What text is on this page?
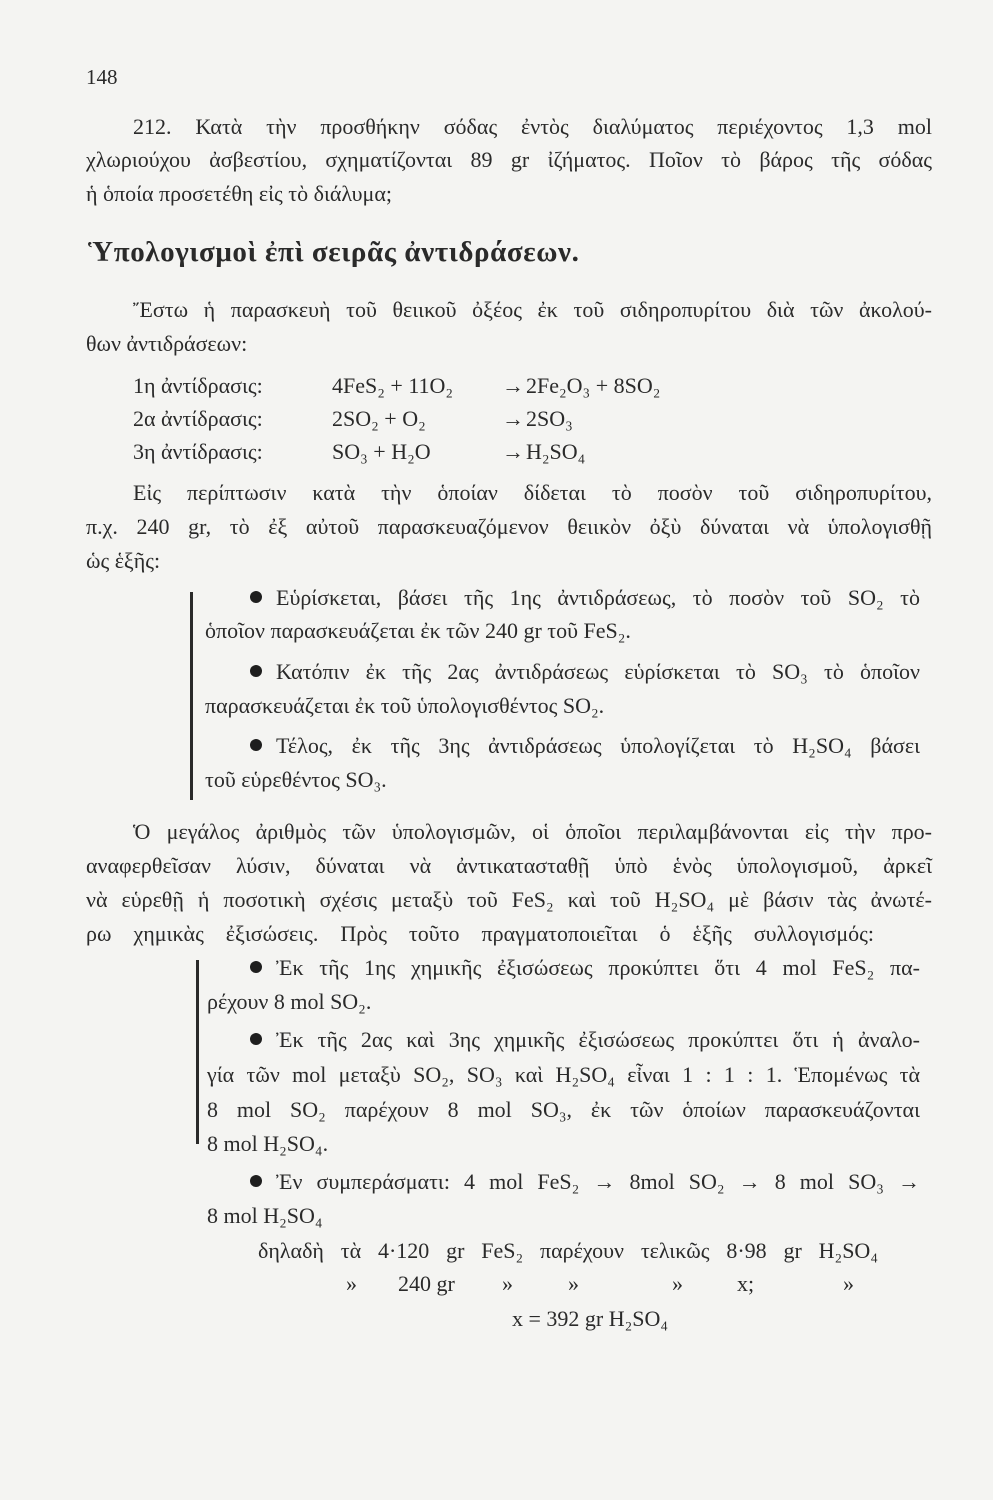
148
212. Κατὰ τὴν προσθήκην σόδας ἐντὸς διαλύματος περιέχοντος 1,3 mol
χλωριούχου ἀσβεστίου, σχηματίζονται 89 gr ἰζήματος. Ποῖον τὸ βάρος τῆς σόδας
ἡ ὁποία προσετέθη εἰς τὸ διάλυμα;
Ὑπολογισμοὶ ἐπὶ σειρᾶς ἀντιδράσεων.
Ἔστω ἡ παρασκευὴ τοῦ θειικοῦ ὀξέος ἐκ τοῦ σιδηροπυρίτου διὰ τῶν ἀκολού-
θων ἀντιδράσεων:
1η ἀντίδρασις:	4FeS₂ + 11O₂ → 2Fe₂O₃ + 8SO₂
2α ἀντίδρασις:	2SO₂ + O₂	→ 2SO₃
3η ἀντίδρασις:	SO₃ + H₂O	→ H₂SO₄
Εἰς περίπτωσιν κατὰ τὴν ὁποίαν δίδεται τὸ ποσὸν τοῦ σιδηροπυρίτου,
π.χ. 240 gr, τὸ ἐξ αὐτοῦ παρασκευαζόμενον θειικὸν ὀξὺ δύναται νὰ ὑπολογισθῇ
ὡς ἑξῆς:
Εὑρίσκεται, βάσει τῆς 1ης ἀντιδράσεως, τὸ ποσὸν τοῦ SO₂ τὸ
ὁποῖον παρασκευάζεται ἐκ τῶν 240 gr τοῦ FeS₂.
Κατόπιν ἐκ τῆς 2ας ἀντιδράσεως εὑρίσκεται τὸ SO₃ τὸ ὁποῖον
παρασκευάζεται ἐκ τοῦ ὑπολογισθέντος SO₂.
Τέλος, ἐκ τῆς 3ης ἀντιδράσεως ὑπολογίζεται τὸ H₂SO₄ βάσει
τοῦ εὑρεθέντος SO₃.
Ὁ μεγάλος ἀριθμὸς τῶν ὑπολογισμῶν, οἱ ὁποῖοι περιλαμβάνονται εἰς τὴν προ-
αναφερθεῖσαν λύσιν, δύναται νὰ ἀντικατασταθῇ ὑπὸ ἑνὸς ὑπολογισμοῦ, ἀρκεῖ
νὰ εὑρεθῇ ἡ ποσοτικὴ σχέσις μεταξὺ τοῦ FeS₂ καὶ τοῦ H₂SO₄ μὲ βάσιν τὰς ἀνωτέ-
ρω χημικὰς ἐξισώσεις. Πρὸς τοῦτο πραγματοποιεῖται ὁ ἑξῆς συλλογισμός:
Ἐκ τῆς 1ης χημικῆς ἐξισώσεως προκύπτει ὅτι 4 mol FeS₂ πα-
ρέχουν 8 mol SO₂.
Ἐκ τῆς 2ας καὶ 3ης χημικῆς ἐξισώσεως προκύπτει ὅτι ἡ ἀναλο-
γία τῶν mol μεταξὺ SO₂, SO₃ καὶ H₂SO₄ εἶναι 1 : 1 : 1. Ἑπομένως τὰ
8 mol SO₂ παρέχουν 8 mol SO₃, ἐκ τῶν ὁποίων παρασκευάζονται
8 mol H₂SO₄.
Ἐν συμπεράσματι: 4 mol FeS₂ → 8mol SO₂ → 8 mol SO₃ →
8 mol H₂SO₄
δηλαδὴ τὰ 4·120 gr FeS₂ παρέχουν τελικῶς 8·98 gr H₂SO₄
» 240 gr »	»	» x;	»
x = 392 gr H₂SO₄
